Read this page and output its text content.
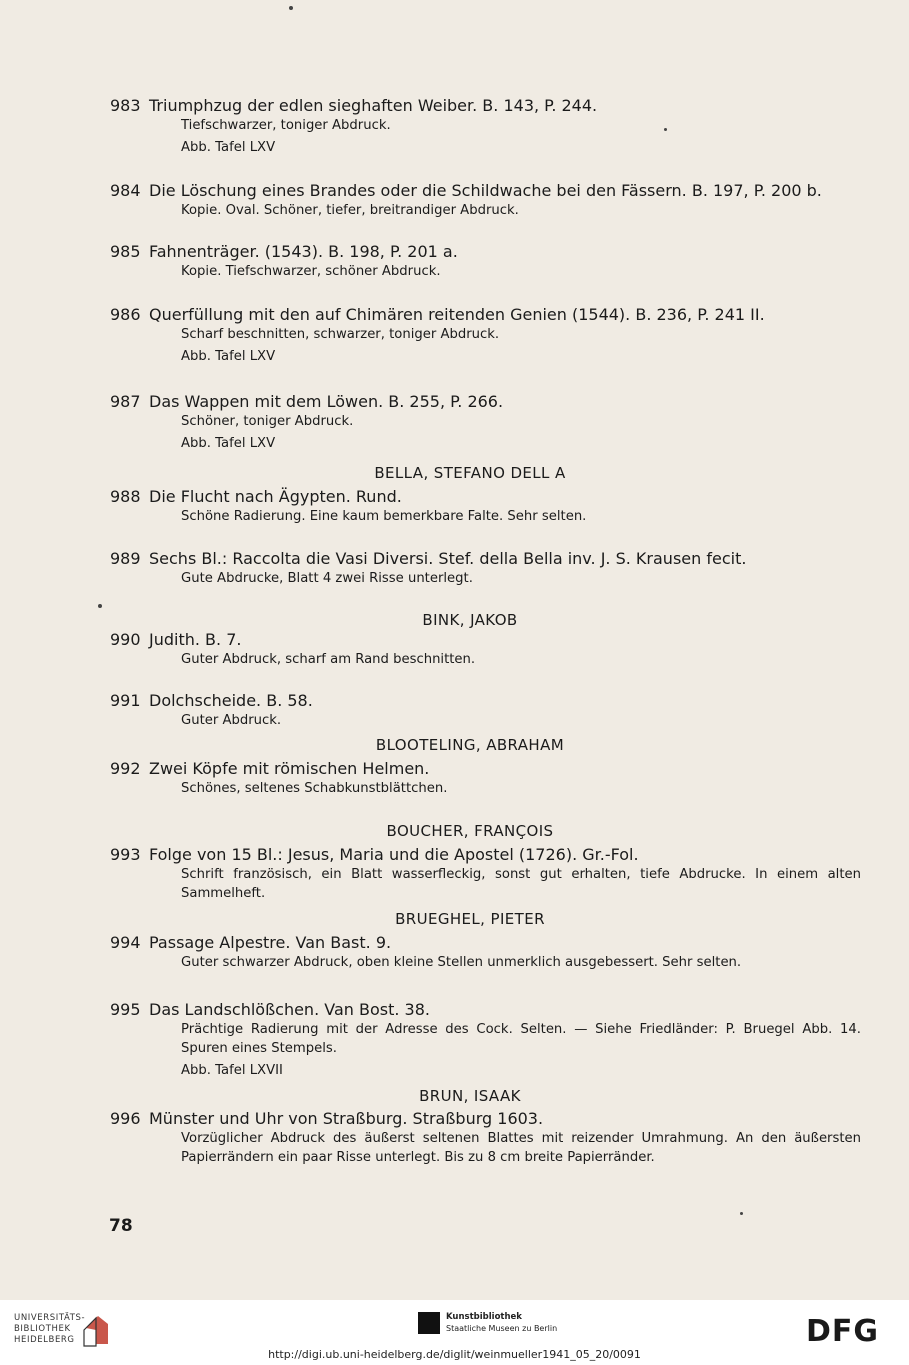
983 Triumphzug der edlen sieghaften Weiber. B. 143, P. 244.
Tiefschwarzer, toniger Abdruck.
Abb. Tafel LXV
984 Die Löschung eines Brandes oder die Schildwache bei den Fässern. B. 197, P. 200 b.
Kopie. Oval. Schöner, tiefer, breitrandiger Abdruck.
985 Fahnenträger. (1543). B. 198, P. 201 a.
Kopie. Tiefschwarzer, schöner Abdruck.
986 Querfüllung mit den auf Chimären reitenden Genien (1544). B. 236, P. 241 II.
Scharf beschnitten, schwarzer, toniger Abdruck.
Abb. Tafel LXV
987 Das Wappen mit dem Löwen. B. 255, P. 266.
Schöner, toniger Abdruck.
Abb. Tafel LXV
BELLA, STEFANO DELL A
988 Die Flucht nach Ägypten. Rund.
Schöne Radierung. Eine kaum bemerkbare Falte. Sehr selten.
989 Sechs Bl.: Raccolta die Vasi Diversi. Stef. della Bella inv. J. S. Krausen fecit.
Gute Abdrucke, Blatt 4 zwei Risse unterlegt.
BINK, JAKOB
990 Judith. B. 7.
Guter Abdruck, scharf am Rand beschnitten.
991 Dolchscheide. B. 58.
Guter Abdruck.
BLOOTELING, ABRAHAM
992 Zwei Köpfe mit römischen Helmen.
Schönes, seltenes Schabkunstblättchen.
BOUCHER, FRANÇOIS
993 Folge von 15 Bl.: Jesus, Maria und die Apostel (1726). Gr.-Fol.
Schrift französisch, ein Blatt wasserfleckig, sonst gut erhalten, tiefe Abdrucke. In einem alten Sammelheft.
BRUEGHEL, PIETER
994 Passage Alpestre. Van Bast. 9.
Guter schwarzer Abdruck, oben kleine Stellen unmerklich ausgebessert. Sehr selten.
995 Das Landschlößchen. Van Bost. 38.
Prächtige Radierung mit der Adresse des Cock. Selten. — Siehe Friedländer: P. Bruegel Abb. 14. Spuren eines Stempels.
Abb. Tafel LXVII
BRUN, ISAAK
996 Münster und Uhr von Straßburg. Straßburg 1603.
Vorzüglicher Abdruck des äußerst seltenen Blattes mit reizender Umrahmung. An den äußersten Papierrändern ein paar Risse unterlegt. Bis zu 8 cm breite Papierränder.
78
UNIVERSITÄTS-
BIBLIOTHEK
HEIDELBERG
Kunstbibliothek
Staatliche Museen zu Berlin	DFG
http://digi.ub.uni-heidelberg.de/diglit/weinmueller1941_05_20/0091
